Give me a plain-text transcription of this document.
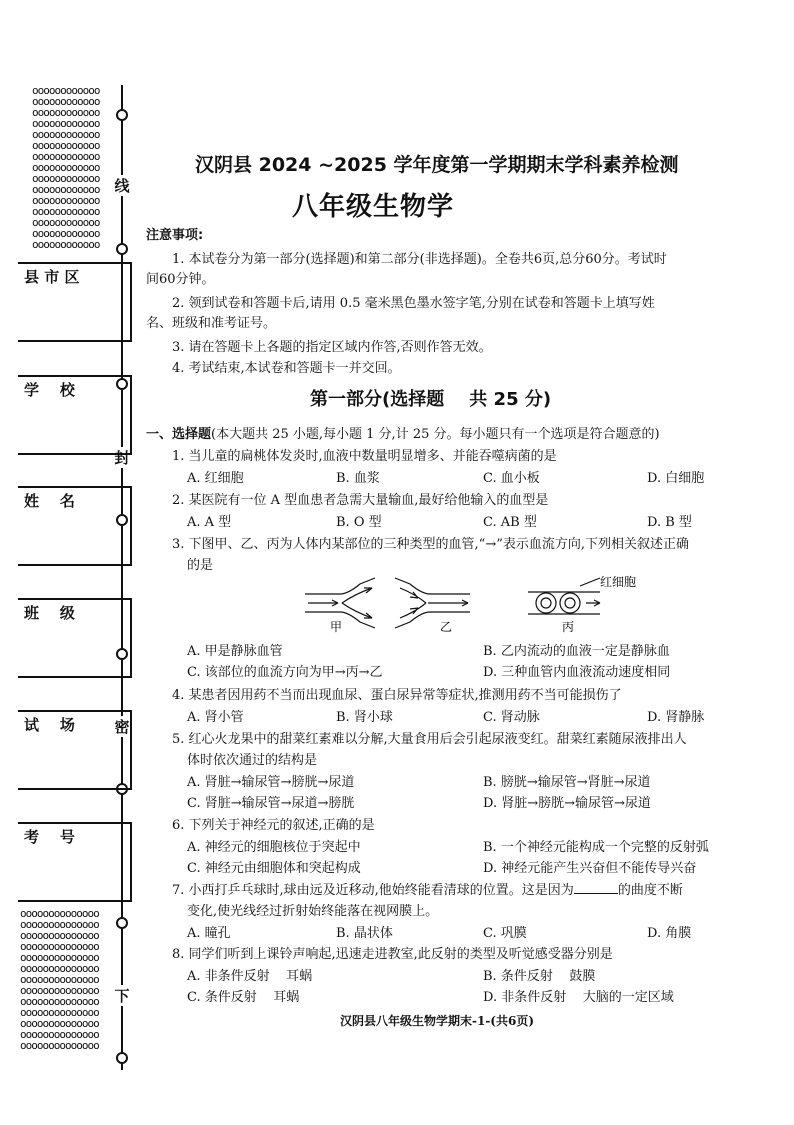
oooooooooooo
oooooooooooo
oooooooooooo
oooooooooooo
oooooooooooo
oooooooooooo
oooooooooooo
oooooooooooo
oooooooooooo
oooooooooooo
oooooooooooo
oooooooooooo
oooooooooooo
oooooooooooo
oooooooooooo
oooooooooooooo
oooooooooooooo
oooooooooooooo
oooooooooooooo
oooooooooooooo
oooooooooooooo
oooooooooooooo
oooooooooooooo
oooooooooooooo
oooooooooooooo
oooooooooooooo
oooooooooooooo
oooooooooooooo
线
封
密
下
县 市 区
学    校
姓    名
班    级
试    场
考    号
汉阴县 2024 ~2025 学年度第一学期期末学科素养检测
八年级生物学
注意事项:
1. 本试卷分为第一部分(选择题)和第二部分(非选择题)。全卷共6页,总分60分。考试时
间60分钟。
2. 领到试卷和答题卡后,请用 0.5 毫米黑色墨水签字笔,分别在试卷和答题卡上填写姓
名、班级和准考证号。
3. 请在答题卡上各题的指定区域内作答,否则作答无效。
4. 考试结束,本试卷和答题卡一并交回。
第一部分(选择题    共 25 分)
一、选择题(本大题共 25 小题,每小题 1 分,计 25 分。每小题只有一个选项是符合题意的)
1. 当儿童的扁桃体发炎时,血液中数量明显增多、并能吞噬病菌的是
A. 红细胞	B. 血浆	C. 血小板	D. 白细胞
2. 某医院有一位 A 型血患者急需大量输血,最好给他输入的血型是
A. A 型	B. O 型	C. AB 型	D. B 型
3. 下图甲、乙、丙为人体内某部位的三种类型的血管,“→”表示血流方向,下列相关叙述正确
的是
甲	乙	丙
红细胞
A. 甲是静脉血管	B. 乙内流动的血液一定是静脉血
C. 该部位的血流方向为甲→丙→乙	D. 三种血管内血液流动速度相同
4. 某患者因用药不当而出现血尿、蛋白尿异常等症状,推测用药不当可能损伤了
A. 肾小管	B. 肾小球	C. 肾动脉	D. 肾静脉
5. 红心火龙果中的甜菜红素难以分解,大量食用后会引起尿液变红。甜菜红素随尿液排出人
体时依次通过的结构是
A. 肾脏→输尿管→膀胱→尿道	B. 膀胱→输尿管→肾脏→尿道
C. 肾脏→输尿管→尿道→膀胱	D. 肾脏→膀胱→输尿管→尿道
6. 下列关于神经元的叙述,正确的是
A. 神经元的细胞核位于突起中	B. 一个神经元能构成一个完整的反射弧
C. 神经元由细胞体和突起构成	D. 神经元能产生兴奋但不能传导兴奋
7. 小西打乒乓球时,球由远及近移动,他始终能看清球的位置。这是因为	的曲度不断
变化,使光线经过折射始终能落在视网膜上。
A. 瞳孔	B. 晶状体	C. 巩膜	D. 角膜
8. 同学们听到上课铃声响起,迅速走进教室,此反射的类型及听觉感受器分别是
A. 非条件反射    耳蜗	B. 条件反射    鼓膜
C. 条件反射    耳蜗	D. 非条件反射    大脑的一定区域
汉阴县八年级生物学期末-1-(共6页)
